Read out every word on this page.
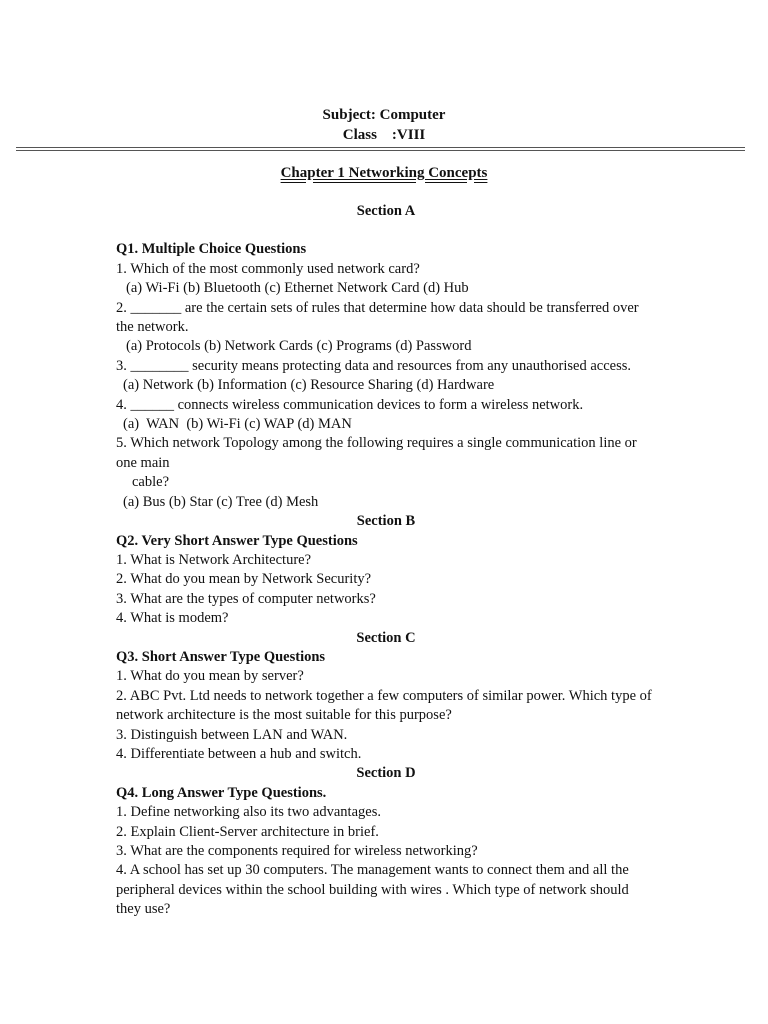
Subject: Computer
Class    :VIII
Chapter 1 Networking Concepts
Section A
Q1. Multiple Choice Questions
1. Which of the most commonly used network card?
(a) Wi-Fi (b) Bluetooth (c) Ethernet Network Card (d) Hub
2. _______ are the certain sets of rules that determine how data should be transferred over the network.
(a) Protocols (b) Network Cards (c) Programs (d) Password
3. ________ security means protecting data and resources from any unauthorised access.
(a) Network (b) Information (c) Resource Sharing (d) Hardware
4. ______ connects wireless communication devices to form a wireless network.
(a)  WAN  (b) Wi-Fi (c) WAP (d) MAN
5. Which network Topology among the following requires a single communication line or one main
cable?
(a) Bus (b) Star (c) Tree (d) Mesh
Section B
Q2. Very Short Answer Type Questions
1. What is Network Architecture?
2. What do you mean by Network Security?
3. What are the types of computer networks?
4. What is modem?
Section C
Q3. Short Answer Type Questions
1. What do you mean by server?
2. ABC Pvt. Ltd needs to network together a few computers of similar power. Which type of network architecture is the most suitable for this purpose?
3. Distinguish between LAN and WAN.
4. Differentiate between a hub and switch.
Section D
Q4. Long Answer Type Questions.
1. Define networking also its two advantages.
2. Explain Client-Server architecture in brief.
3. What are the components required for wireless networking?
4. A school has set up 30 computers. The management wants to connect them and all the peripheral devices within the school building with wires . Which type of network should they use?
